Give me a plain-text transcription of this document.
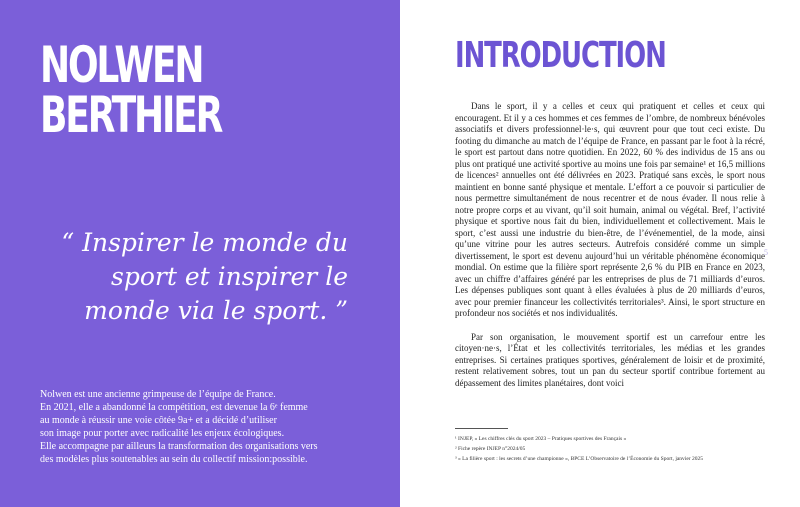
NOLWEN
BERTHIER

“ Inspirer le monde du sport et inspirer le monde via le sport. ”

Nolwen est une ancienne grimpeuse de l’équipe de France.
En 2021, elle a abandonné la compétition, est devenue la 6ᵉ femme
au monde à réussir une voie côtée 9a+ et a décidé d’utiliser
son image pour porter avec radicalité les enjeux écologiques.
Elle accompagne par ailleurs la transformation des organisations vers
des modèles plus soutenables au sein du collectif mission:possible.
INTRODUCTION

Dans le sport, il y a celles et ceux qui pratiquent et celles et ceux qui encouragent. Et il y a ces hommes et ces femmes de l’ombre, de nombreux bénévoles associatifs et divers professionnel·le·s, qui œuvrent pour que tout ceci existe. Du footing du dimanche au match de l’équipe de France, en passant par le foot à la récré, le sport est partout dans notre quotidien. En 2022, 60 % des individus de 15 ans ou plus ont pratiqué une activité sportive au moins une fois par semaine¹ et 16,5 millions de licences² annuelles ont été délivrées en 2023. Pratiqué sans excès, le sport nous maintient en bonne santé physique et mentale. L’effort a ce pouvoir si particulier de nous permettre simultanément de nous recentrer et de nous évader. Il nous relie à notre propre corps et au vivant, qu’il soit humain, animal ou végétal. Bref, l’activité physique et sportive nous fait du bien, individuellement et collectivement. Mais le sport, c’est aussi une industrie du bien-être, de l’événementiel, de la mode, ainsi qu’une vitrine pour les autres secteurs. Autrefois considéré comme un simple divertissement, le sport est devenu aujourd’hui un véritable phénomène économique mondial. On estime que la filière sport représente 2,6 % du PIB en France en 2023, avec un chiffre d’affaires généré par les entreprises de plus de 71 milliards d’euros. Les dépenses publiques sont quant à elles évaluées à plus de 20 milliards d’euros, avec pour premier financeur les collectivités territoriales³. Ainsi, le sport structure en profondeur nos sociétés et nos individualités.

Par son organisation, le mouvement sportif est un carrefour entre les citoyen·ne·s, l’État et les collectivités territoriales, les médias et les grandes entreprises. Si certaines pratiques sportives, généralement de loisir et de proximité, restent relativement sobres, tout un pan du secteur sportif contribue fortement au dépassement des limites planétaires, dont voici

¹ INJEP, « Les chiffres clés du sport 2023 – Pratiques sportives des Français »
² Fiche repère INJEP n°2024/05
³ « La filière sport : les secrets d’une championne », BPCE L’Observatoire de l’Économie du Sport, janvier 2025
5
